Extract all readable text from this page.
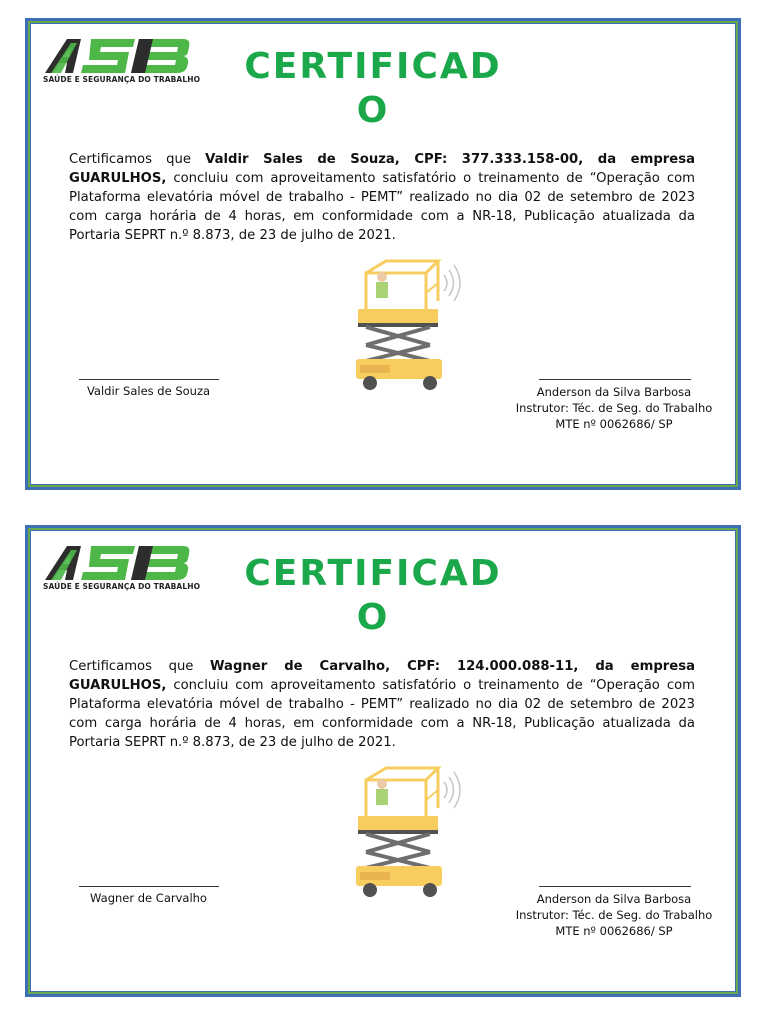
SAÚDE E SEGURANÇA DO TRABALHO	CERTIFICADO
Certificamos que Valdir Sales de Souza, CPF: 377.333.158-00, da empresa GUARULHOS, concluiu com aproveitamento satisfatório o treinamento de “Operação com Plataforma elevatória móvel de trabalho - PEMT” realizado no dia 02 de setembro de 2023 com carga horária de 4 horas, em conformidade com a NR-18, Publicação atualizada da Portaria SEPRT n.º 8.873, de 23 de julho de 2021.
Valdir Sales de Souza	Anderson da Silva Barbosa
Instrutor: Téc. de Seg. do Trabalho
MTE nº 0062686/ SP
SAÚDE E SEGURANÇA DO TRABALHO	CERTIFICADO
Certificamos que Wagner de Carvalho, CPF: 124.000.088-11, da empresa GUARULHOS, concluiu com aproveitamento satisfatório o treinamento de “Operação com Plataforma elevatória móvel de trabalho - PEMT” realizado no dia 02 de setembro de 2023 com carga horária de 4 horas, em conformidade com a NR-18, Publicação atualizada da Portaria SEPRT n.º 8.873, de 23 de julho de 2021.
Wagner de Carvalho	Anderson da Silva Barbosa
Instrutor: Téc. de Seg. do Trabalho
MTE nº 0062686/ SP
